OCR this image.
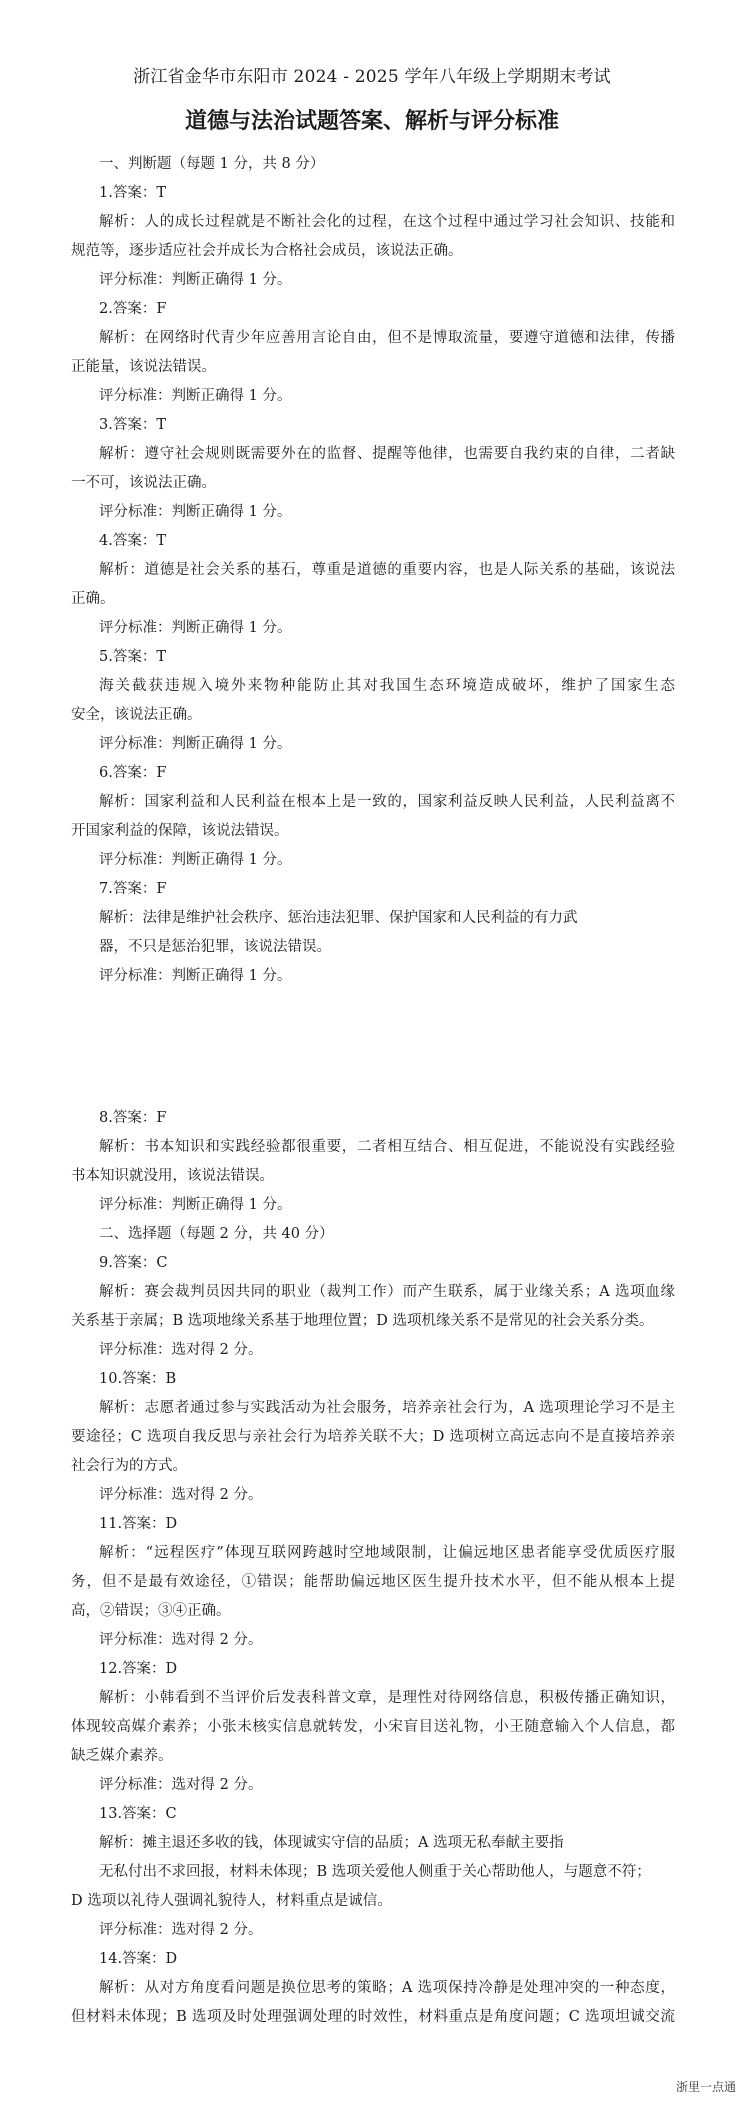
浙江省金华市东阳市 2024 - 2025 学年八年级上学期期末考试
道德与法治试题答案、解析与评分标准
一、判断题（每题 1 分，共 8 分）
1.答案：T
解析：人的成长过程就是不断社会化的过程，在这个过程中通过学习社会知识、技能和
规范等，逐步适应社会并成长为合格社会成员，该说法正确。
评分标准：判断正确得 1 分。
2.答案：F
解析：在网络时代青少年应善用言论自由，但不是博取流量，要遵守道德和法律，传播
正能量，该说法错误。
评分标准：判断正确得 1 分。
3.答案：T
解析：遵守社会规则既需要外在的监督、提醒等他律，也需要自我约束的自律，二者缺
一不可，该说法正确。
评分标准：判断正确得 1 分。
4.答案：T
解析：道德是社会关系的基石，尊重是道德的重要内容，也是人际关系的基础，该说法
正确。
评分标准：判断正确得 1 分。
5.答案：T
海关截获违规入境外来物种能防止其对我国生态环境造成破坏，维护了国家生态
安全，该说法正确。
评分标准：判断正确得 1 分。
6.答案：F
解析：国家利益和人民利益在根本上是一致的，国家利益反映人民利益，人民利益离不
开国家利益的保障，该说法错误。
评分标准：判断正确得 1 分。
7.答案：F
解析：法律是维护社会秩序、惩治违法犯罪、保护国家和人民利益的有力武
器，不只是惩治犯罪，该说法错误。
评分标准：判断正确得 1 分。
8.答案：F
解析：书本知识和实践经验都很重要，二者相互结合、相互促进，不能说没有实践经验
书本知识就没用，该说法错误。
评分标准：判断正确得 1 分。
二、选择题（每题 2 分，共 40 分）
9.答案：C
解析：赛会裁判员因共同的职业（裁判工作）而产生联系，属于业缘关系；A 选项血缘
关系基于亲属；B 选项地缘关系基于地理位置；D 选项机缘关系不是常见的社会关系分类。
评分标准：选对得 2 分。
10.答案：B
解析：志愿者通过参与实践活动为社会服务，培养亲社会行为，A 选项理论学习不是主
要途径；C 选项自我反思与亲社会行为培养关联不大；D 选项树立高远志向不是直接培养亲
社会行为的方式。
评分标准：选对得 2 分。
11.答案：D
解析：“远程医疗”体现互联网跨越时空地域限制，让偏远地区患者能享受优质医疗服
务，但不是最有效途径，①错误；能帮助偏远地区医生提升技术水平，但不能从根本上提
高，②错误；③④正确。
评分标准：选对得 2 分。
12.答案：D
解析：小韩看到不当评价后发表科普文章，是理性对待网络信息，积极传播正确知识，
体现较高媒介素养；小张未核实信息就转发，小宋盲目送礼物，小王随意输入个人信息，都
缺乏媒介素养。
评分标准：选对得 2 分。
13.答案：C
解析：摊主退还多收的钱，体现诚实守信的品质；A 选项无私奉献主要指
无私付出不求回报，材料未体现；B 选项关爱他人侧重于关心帮助他人，与题意不符；
D 选项以礼待人强调礼貌待人，材料重点是诚信。
评分标准：选对得 2 分。
14.答案：D
解析：从对方角度看问题是换位思考的策略；A 选项保持冷静是处理冲突的一种态度，
但材料未体现；B 选项及时处理强调处理的时效性，材料重点是角度问题；C 选项坦诚交流
浙里一点通
